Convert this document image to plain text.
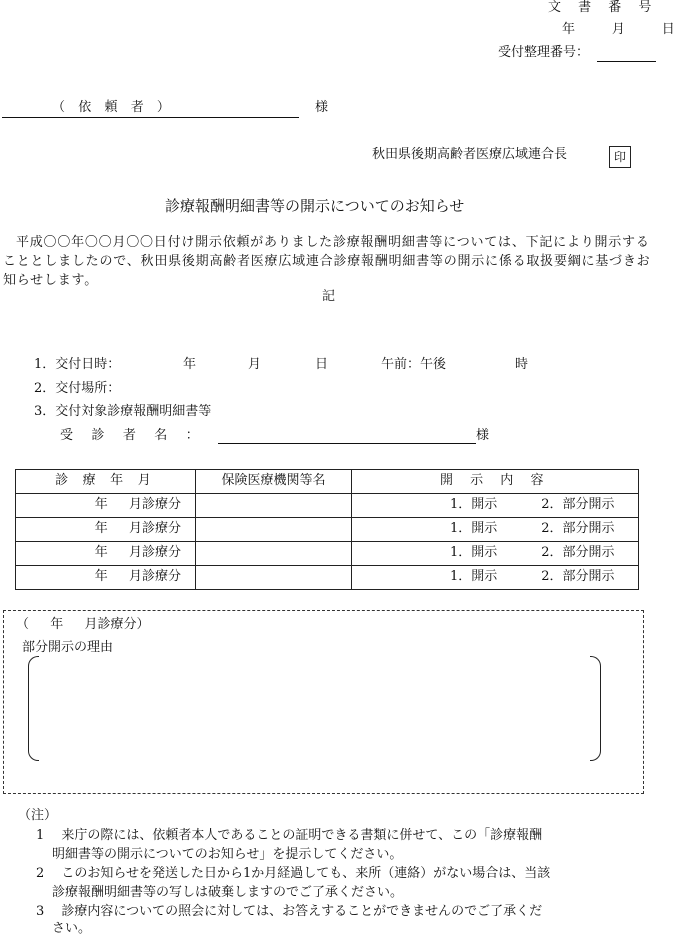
文 書 番 号
年 　 月 　 日
受付整理番号：
（ 依 頼 者 ）	様
秋田県後期高齢者医療広域連合長	印
診療報酬明細書等の開示についてのお知らせ
平成〇〇年〇〇月〇〇日付け開示依頼がありました診療報酬明細書等については、下記により開示することとしましたので、秋田県後期高齢者医療広域連合診療報酬明細書等の開示に係る取扱要綱に基づきお知らせします。
記
1．交付日時：	年	月	日	午前：午後	時
2．交付場所：
3．交付対象診療報酬明細書等
受 診 者 名 ：	様
診 療 年 月	保険医療機関等名	開 示 内 容
年 　 月診療分		1．開示 2．部分開示
年 　 月診療分		1．開示 2．部分開示
年 　 月診療分		1．開示 2．部分開示
年 　 月診療分		1．開示 2．部分開示
（ 　 年 　 月診療分）
部分開示の理由
（注）
1 　来庁の際には、依頼者本人であることの証明できる書類に併せて、この「診療報酬
明細書等の開示についてのお知らせ」を提示してください。
2 　このお知らせを発送した日から1か月経過しても、来所（連絡）がない場合は、当該
診療報酬明細書等の写しは破棄しますのでご了承ください。
3 　診療内容についての照会に対しては、お答えすることができませんのでご了承くだ
さい。
